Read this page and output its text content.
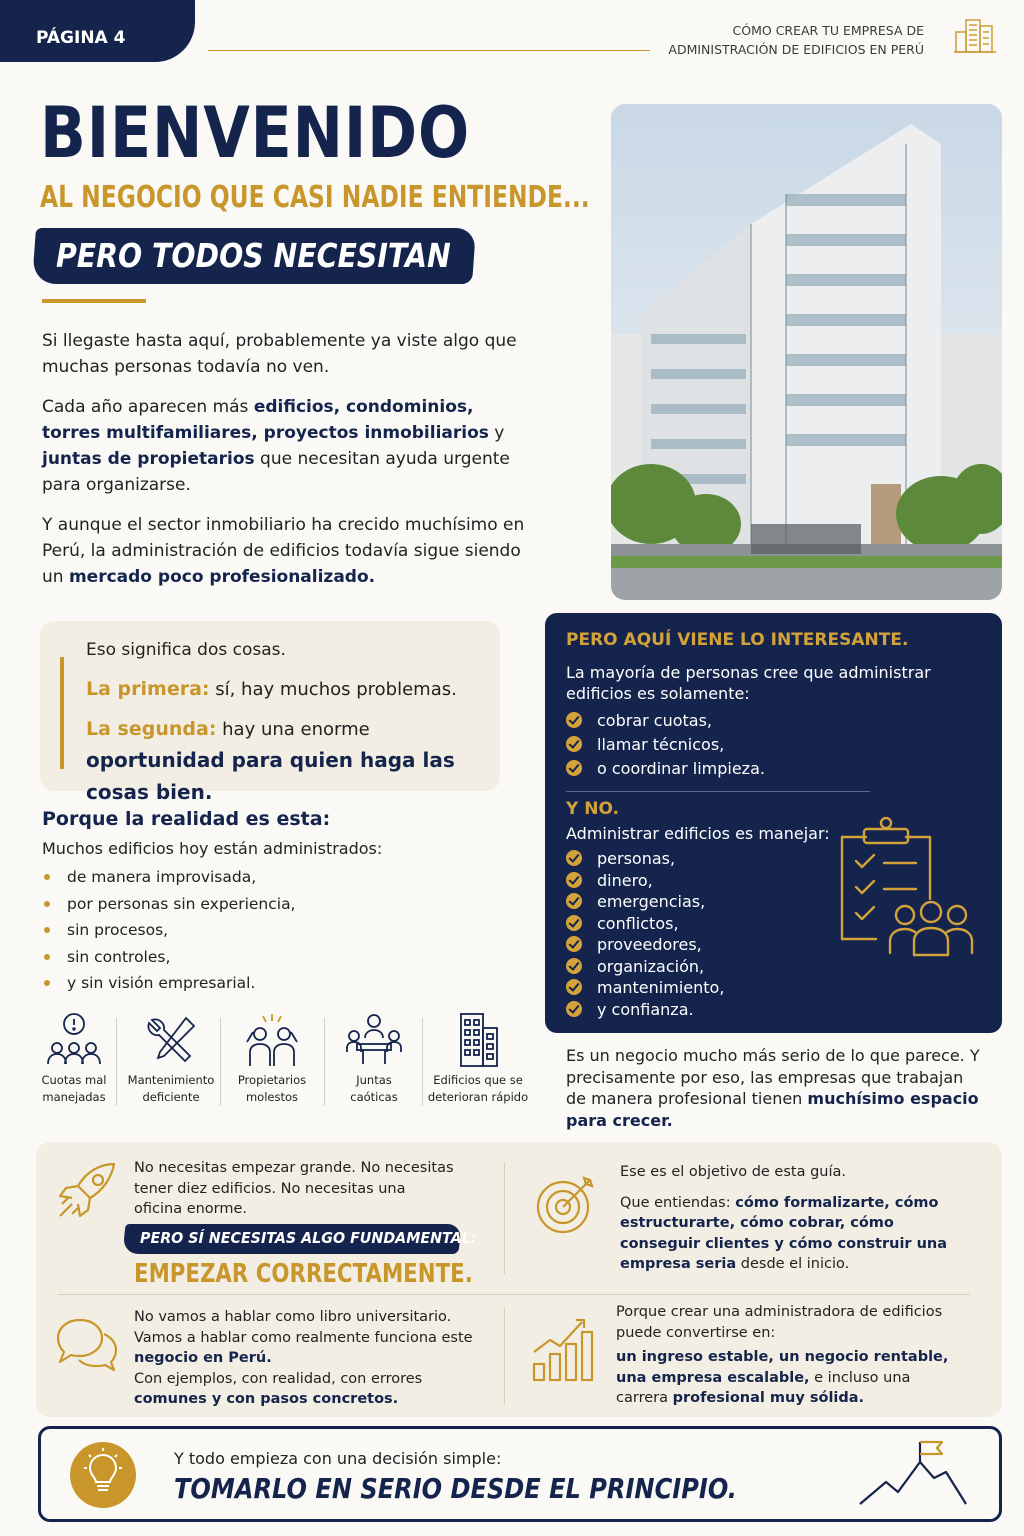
PÁGINA 4	CÓMO CREAR TU EMPRESA DE
ADMINISTRACIÓN DE EDIFICIOS EN PERÚ
BIENVENIDO
AL NEGOCIO QUE CASI NADIE ENTIENDE...
PERO TODOS NECESITAN

Si llegaste hasta aquí, probablemente ya viste algo que muchas personas todavía no ven.

Cada año aparecen más edificios, condominios, torres multifamiliares, proyectos inmobiliarios y juntas de propietarios que necesitan ayuda urgente para organizarse.

Y aunque el sector inmobiliario ha crecido muchísimo en Perú, la administración de edificios todavía sigue siendo un mercado poco profesionalizado.

Eso significa dos cosas.
La primera: sí, hay muchos problemas.
La segunda: hay una enorme oportunidad para quien haga las cosas bien.
Porque la realidad es esta:
Muchos edificios hoy están administrados:
de manera improvisada,
por personas sin experiencia,
sin procesos,
sin controles,
y sin visión empresarial.
Cuotas mal
manejadas
Mantenimiento
deficiente
Propietarios
molestos
Juntas
caóticas
Edificios que se
deterioran rápido
PERO AQUÍ VIENE LO INTERESANTE.
La mayoría de personas cree que administrar edificios es solamente:
cobrar cuotas,
llamar técnicos,
o coordinar limpieza.
Y NO.
Administrar edificios es manejar:
personas,
dinero,
emergencias,
conflictos,
proveedores,
organización,
mantenimiento,
y confianza.
Es un negocio mucho más serio de lo que parece. Y precisamente por eso, las empresas que trabajan de manera profesional tienen muchísimo espacio para crecer.
No necesitas empezar grande. No necesitas tener diez edificios. No necesitas una oficina enorme.
PERO SÍ NECESITAS ALGO FUNDAMENTAL:
EMPEZAR CORRECTAMENTE.
Ese es el objetivo de esta guía.
Que entiendas: cómo formalizarte, cómo estructurarte, cómo cobrar, cómo conseguir clientes y cómo construir una empresa seria desde el inicio.
No vamos a hablar como libro universitario. Vamos a hablar como realmente funciona este negocio en Perú.
Con ejemplos, con realidad, con errores comunes y con pasos concretos.
Porque crear una administradora de edificios puede convertirse en:
un ingreso estable, un negocio rentable, una empresa escalable, e incluso una carrera profesional muy sólida.
Y todo empieza con una decisión simple:
TOMARLO EN SERIO DESDE EL PRINCIPIO.
